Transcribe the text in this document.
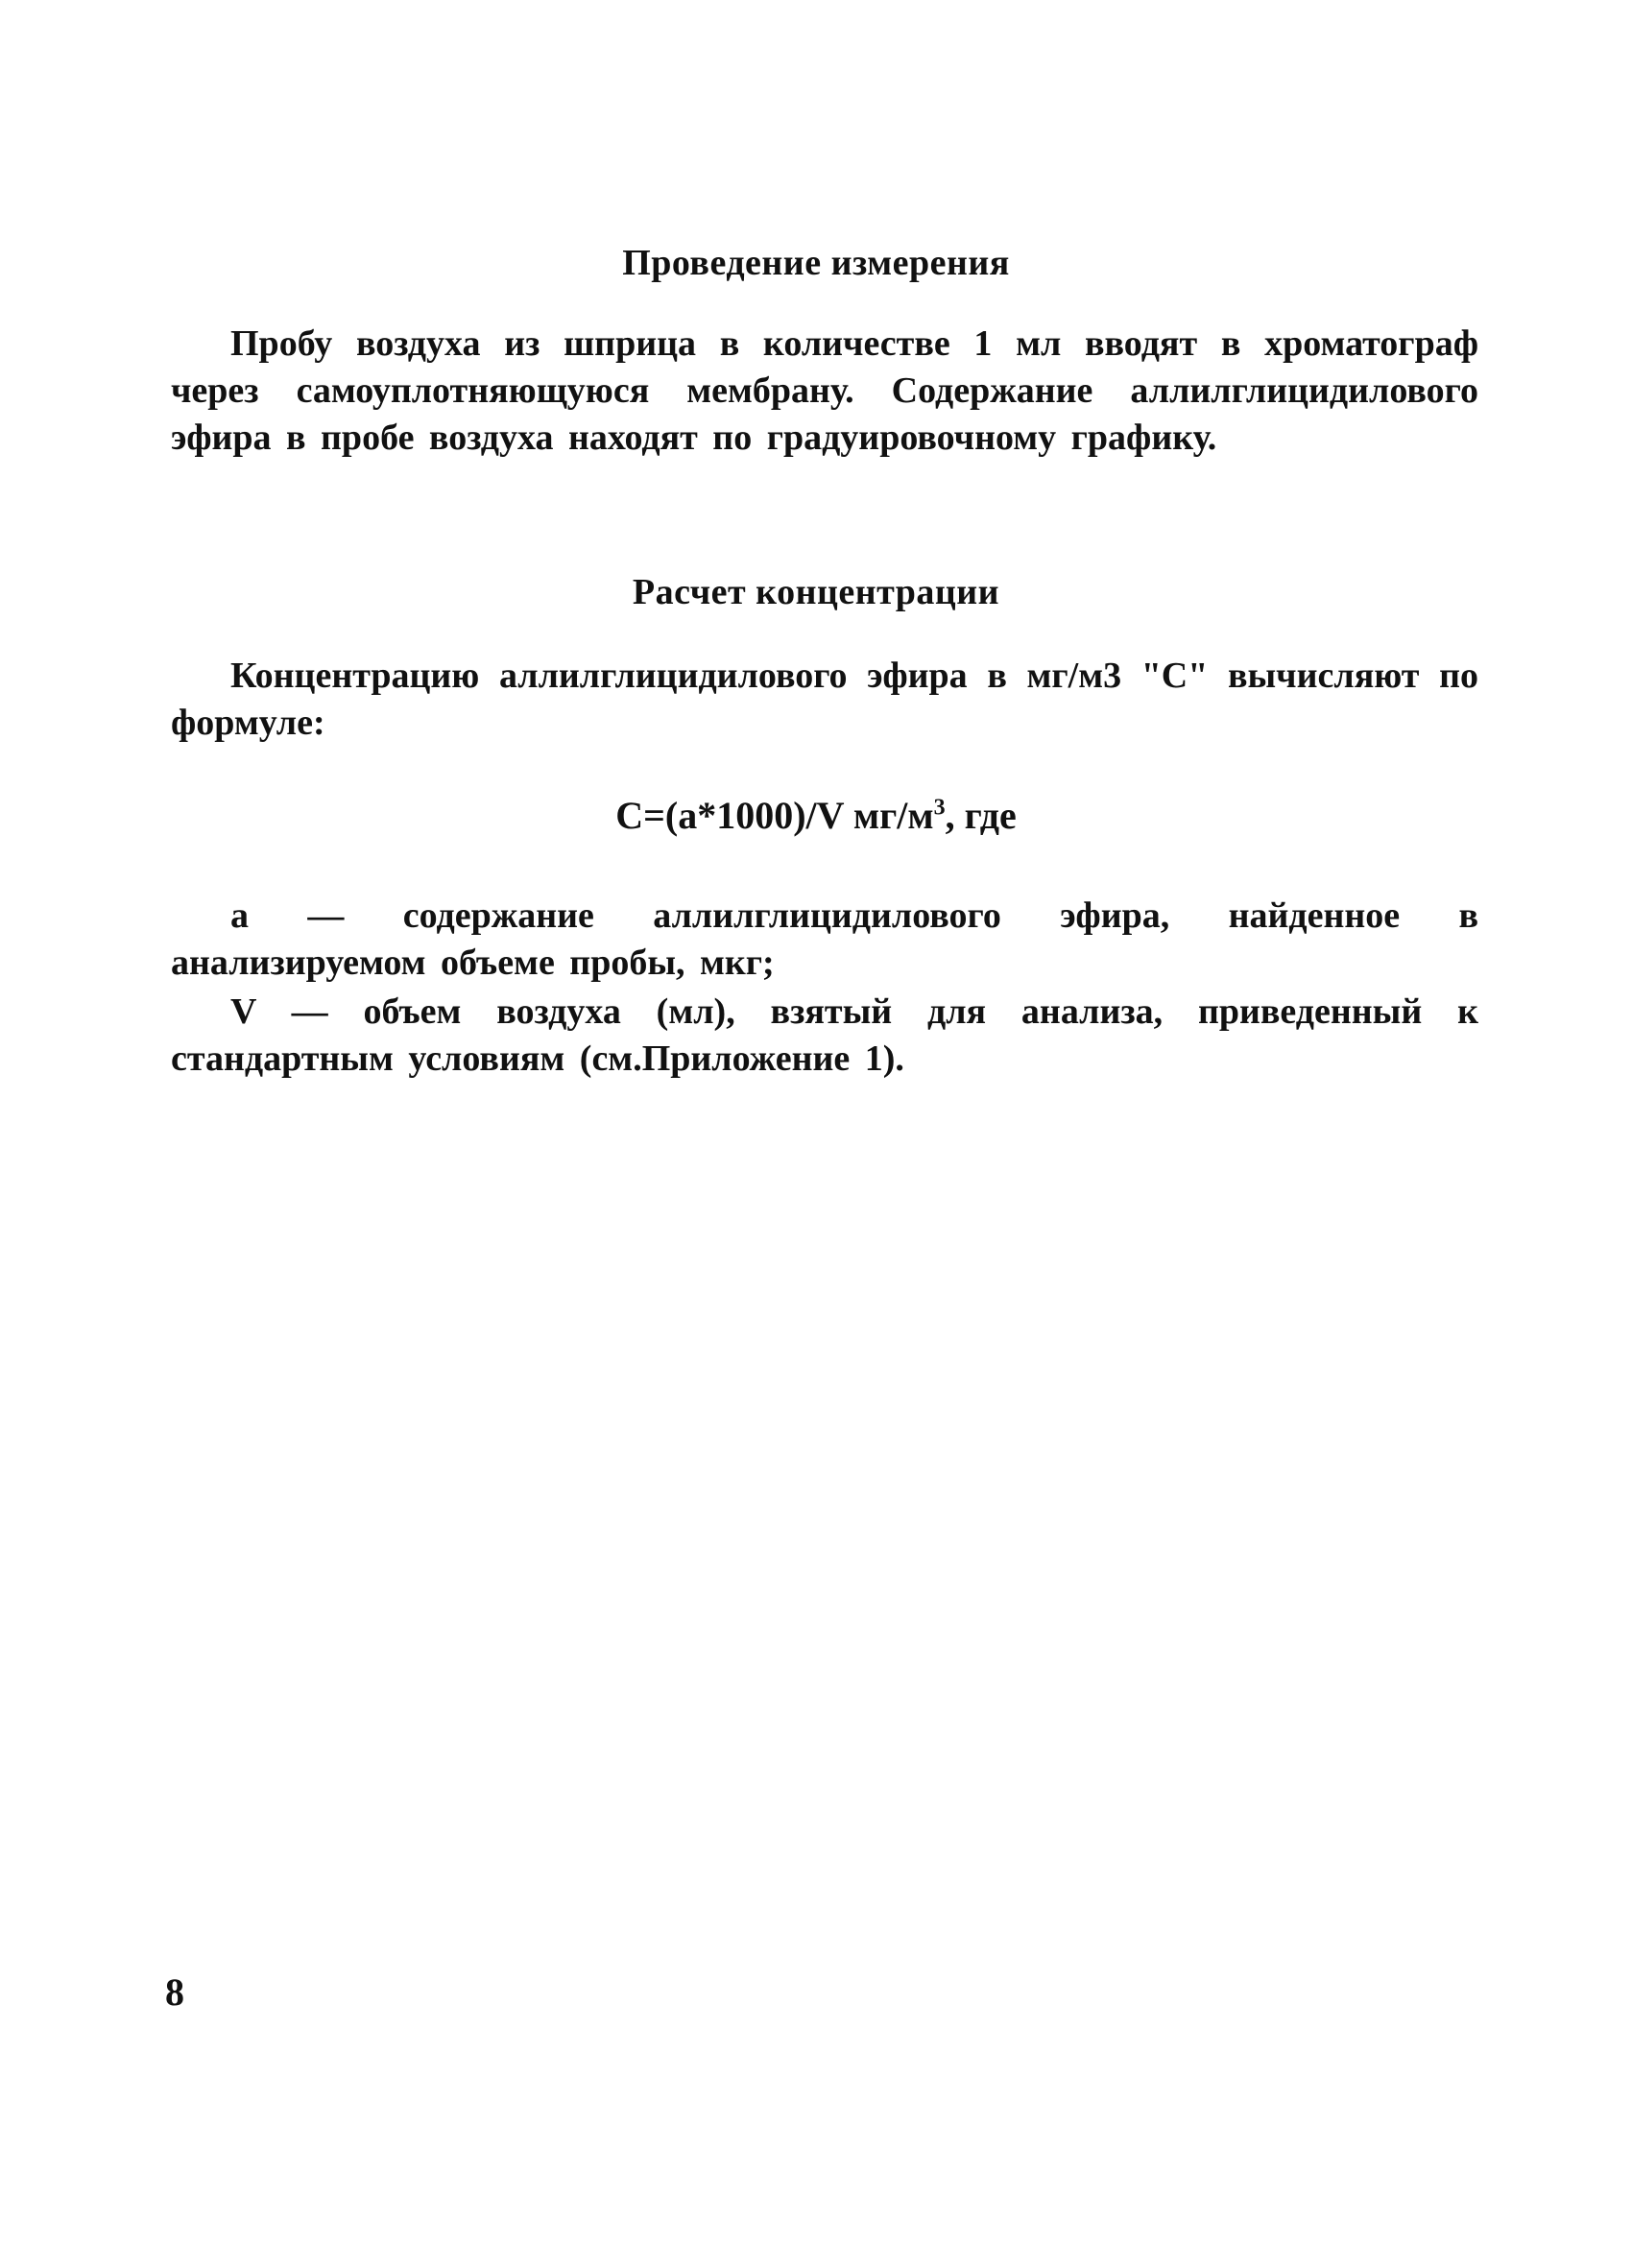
Проведение измерения
Пробу воздуха из шприца в количестве 1 мл вводят в хроматограф через самоуплотняющуюся мембрану. Содержание аллилглицидилового эфира в пробе воздуха находят по градуировочному графику.
Расчет концентрации
Концентрацию аллилглицидилового эфира в мг/м3 "С" вычисляют по формуле:
С=(а*1000)/V $мг/м^3$, где
а — содержание аллилглицидилового эфира, найденное в анализируемом объеме пробы, мкг;
V — объем воздуха (мл), взятый для анализа, приведенный к стандартным условиям (см.Приложение 1).
8
